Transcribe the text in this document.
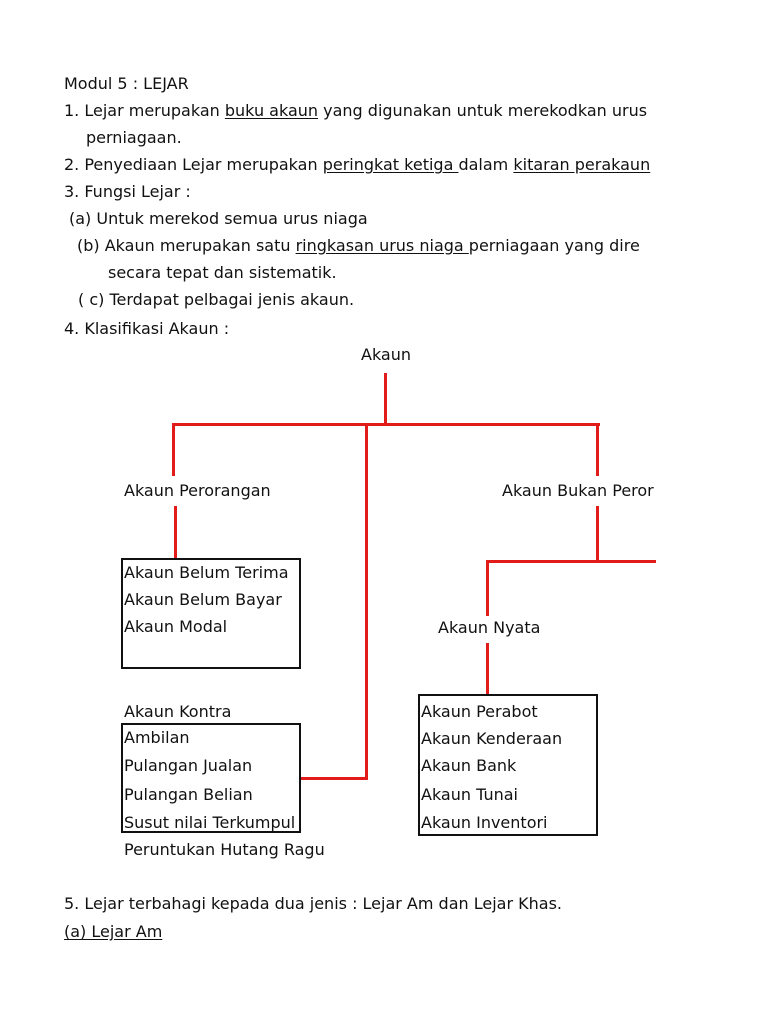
Modul 5 : LEJAR
1. Lejar merupakan buku akaun yang digunakan untuk merekodkan urus
perniagaan.
2. Penyediaan Lejar merupakan peringkat ketiga dalam kitaran perakaun
3. Fungsi Lejar :
(a) Untuk merekod semua urus niaga
(b) Akaun merupakan satu ringkasan urus niaga perniagaan yang dire
secara tepat dan sistematik.
( c) Terdapat pelbagai jenis akaun.
4. Klasifikasi Akaun :
Akaun
Akaun Perorangan	Akaun Bukan Peror
Akaun Nyata
Akaun Kontra
Akaun Belum Terima
Akaun Belum Bayar
Akaun Modal
Ambilan
Pulangan Jualan
Pulangan Belian
Susut nilai Terkumpul
Peruntukan Hutang Ragu
Akaun Perabot
Akaun Kenderaan
Akaun Bank
Akaun Tunai
Akaun Inventori
5. Lejar terbahagi kepada dua jenis : Lejar Am dan Lejar Khas.
(a) Lejar Am
